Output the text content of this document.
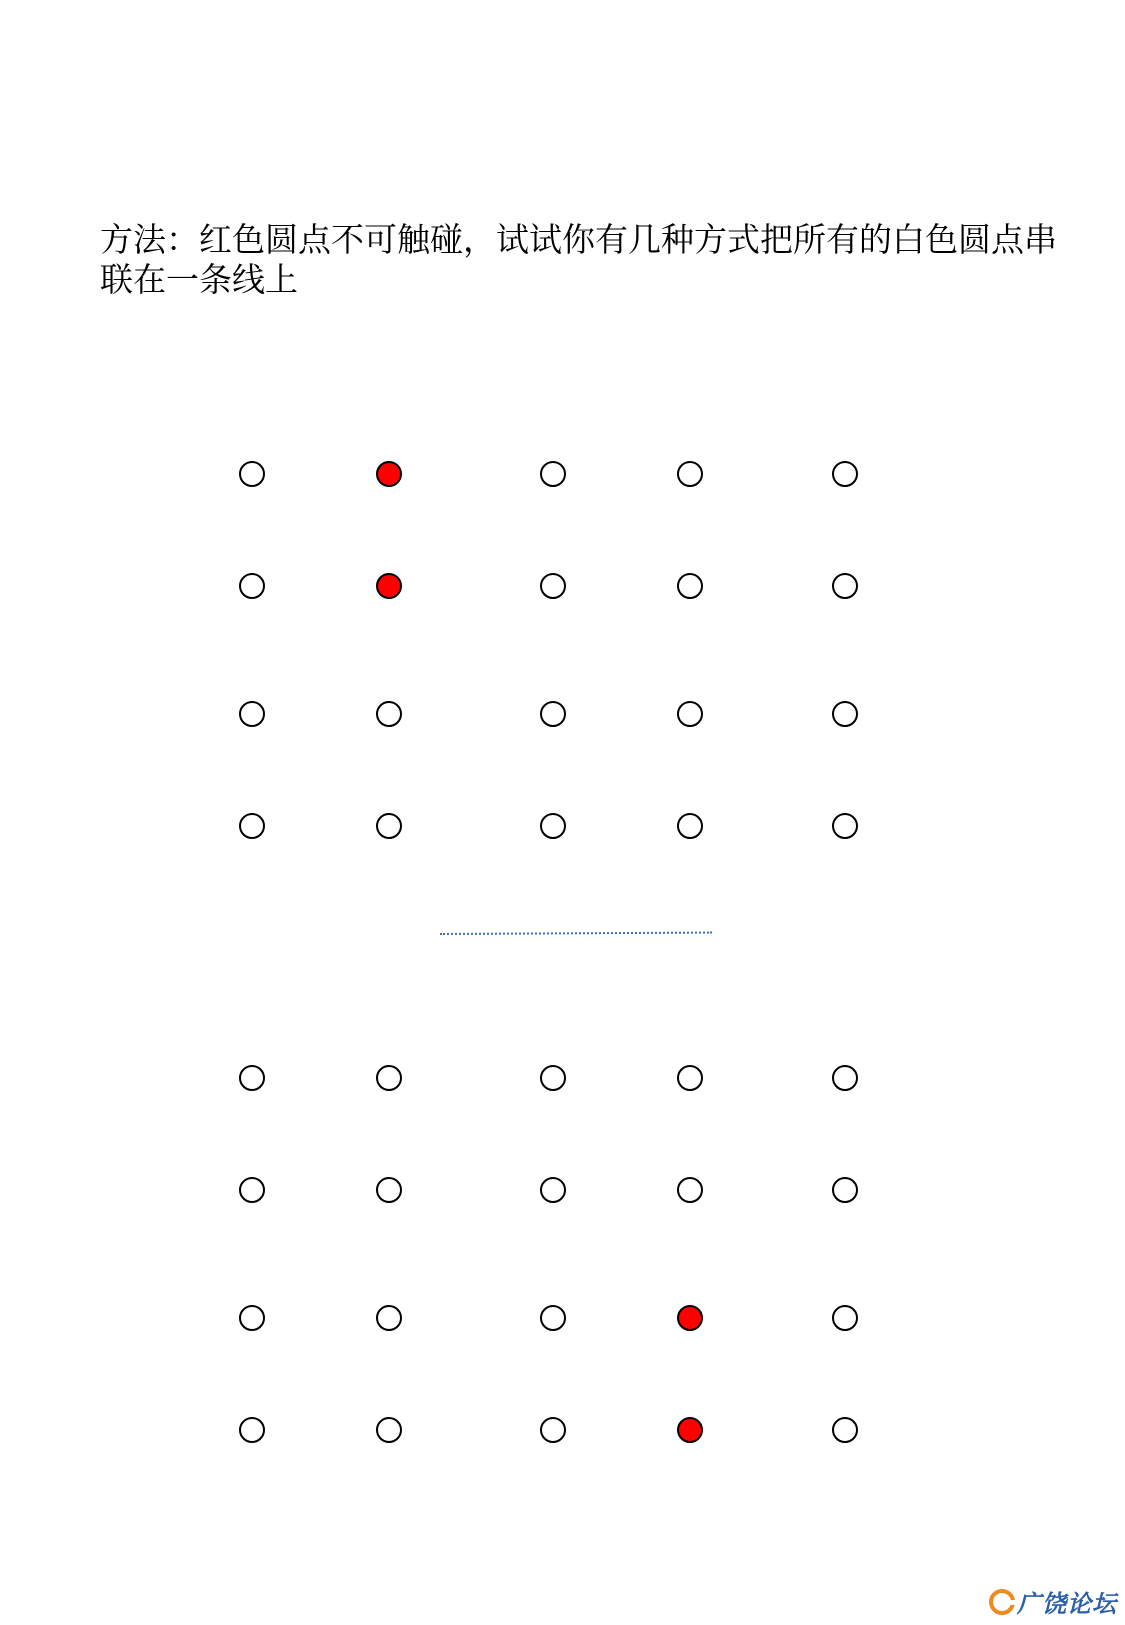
方法：红色圆点不可触碰，试试你有几种方式把所有的白色圆点串联在一条线上

广饶论坛
